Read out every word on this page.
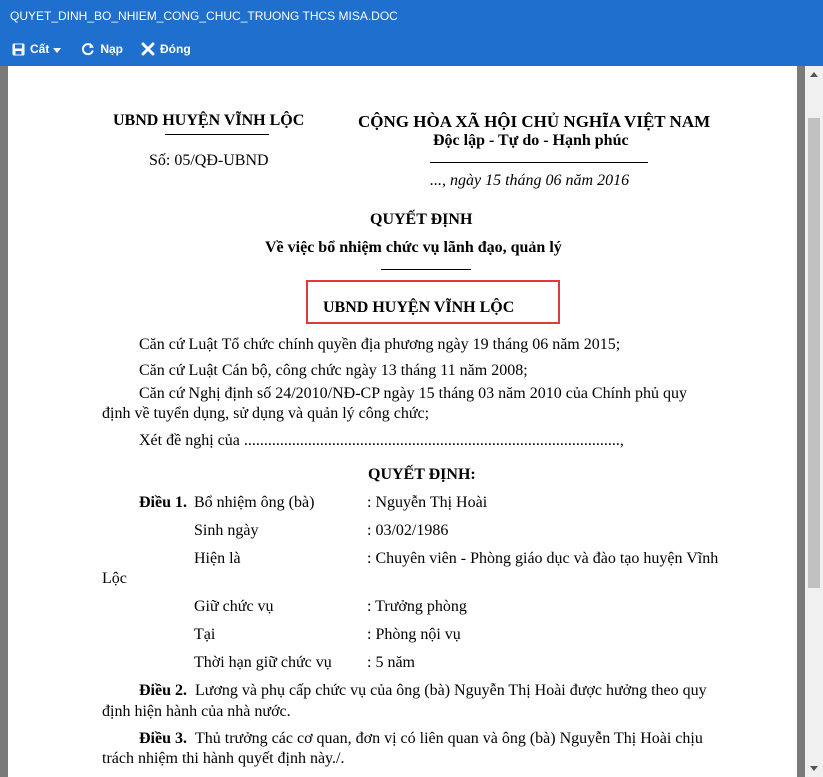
QUYET_DINH_BO_NHIEM_CONG_CHUC_TRUONG THCS MISA.DOC
Cất	Nạp	Đóng
UBND HUYỆN VĨNH LỘC
Số: 05/QĐ-UBND
CỘNG HÒA XÃ HỘI CHỦ NGHĨA VIỆT NAM
Độc lập - Tự do - Hạnh phúc
..., ngày 15 tháng 06 năm 2016
QUYẾT ĐỊNH
Về việc bổ nhiệm chức vụ lãnh đạo, quản lý
UBND HUYỆN VĨNH LỘC
Căn cứ Luật Tổ chức chính quyền địa phương ngày 19 tháng 06 năm 2015;
Căn cứ Luật Cán bộ, công chức ngày 13 tháng 11 năm 2008;
Căn cứ Nghị định số 24/2010/NĐ-CP ngày 15 tháng 03 năm 2010 của Chính phủ quy
định về tuyển dụng, sử dụng và quản lý công chức;
Xét đề nghị của ..............................................................................................,
QUYẾT ĐỊNH:
Điều 1. Bổ nhiệm ông (bà)	: Nguyễn Thị Hoài
Sinh ngày	: 03/02/1986
Hiện là	: Chuyên viên - Phòng giáo dục và đào tạo huyện Vĩnh
Lộc
Giữ chức vụ	: Trưởng phòng
Tại	: Phòng nội vụ
Thời hạn giữ chức vụ : 5 năm
Điều 2. Lương và phụ cấp chức vụ của ông (bà) Nguyễn Thị Hoài được hưởng theo quy
định hiện hành của nhà nước.
Điều 3. Thủ trưởng các cơ quan, đơn vị có liên quan và ông (bà) Nguyễn Thị Hoài chịu
trách nhiệm thi hành quyết định này./.
